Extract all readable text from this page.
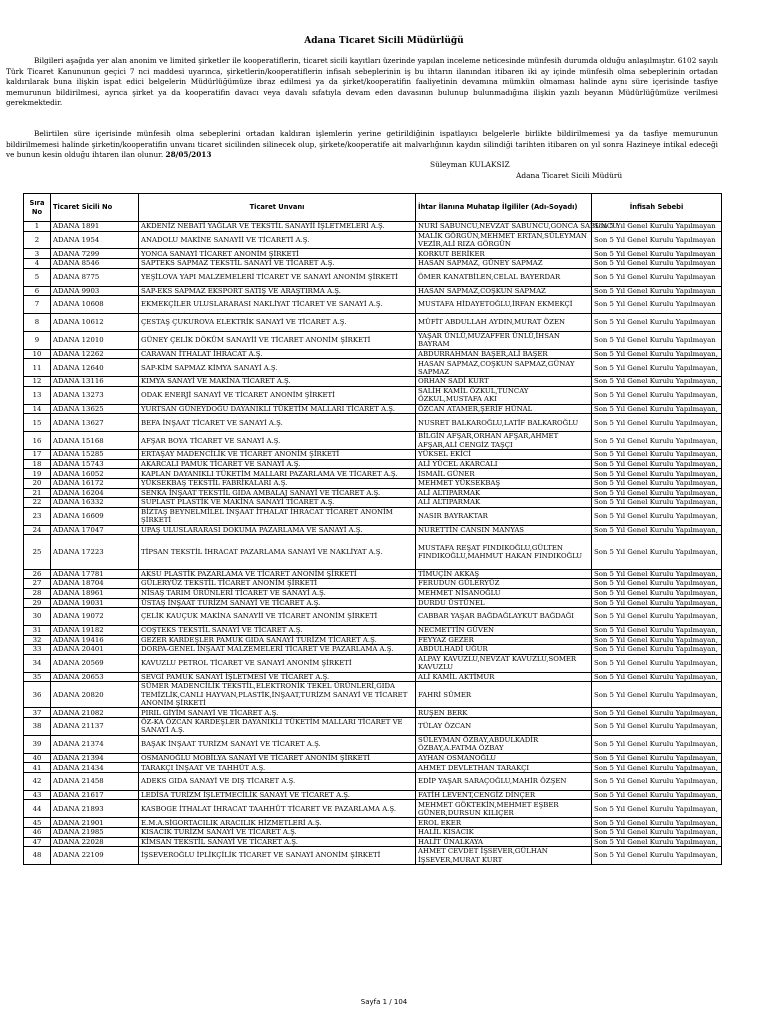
Adana Ticaret Sicili Müdürlüğü
Bilgileri aşağıda yer alan anonim ve limited şirketler ile kooperatiflerin, ticaret sicili kayıtları üzerinde yapılan inceleme neticesinde münfesih durumda olduğu anlaşılmıştır. 6102 sayılı Türk Ticaret Kanununun geçici 7 nci maddesi uyarınca, şirketlerin/kooperatiflerin infisah sebeplerinin iş bu ihtarın ilanından itibaren iki ay içinde münfesih olma sebeplerinin ortadan kaldırılarak buna ilişkin ispat edici belgelerin Müdürlüğümüze ibraz edilmesi ya da şirket/kooperatifin faaliyetinin devamına mümkün olmaması halinde aynı süre içerisinde tasfiye memurunun bildirilmesi, ayrıca şirket ya da kooperatifin davacı veya davalı sıfatıyla devam eden davasının bulunup bulunmadığına ilişkin yazılı beyanın Müdürlüğümüze verilmesi gerekmektedir.
Belirtilen süre içerisinde münfesih olma sebeplerini ortadan kaldıran işlemlerin yerine getirildiğinin ispatlayıcı belgelerle birlikte bildirilmemesi ya da tasfiye memurunun bildirilmemesi halinde şirketin/kooperatifin unvanı ticaret sicilinden silinecek olup, şirkete/kooperatife ait malvarlığının kaydın silindiği tarihten itibaren on yıl sonra Hazineye intikal edeceği ve bunun kesin olduğu ihtaren ilan olunur. 28/05/2013
Süleyman KULAKSIZ
Adana Ticaret Sicili Müdürü
Sıra No	Ticaret Sicili No	Ticaret Unvanı	İhtar İlanına Muhatap İlgililer (Adı-Soyadı)	İnfisah Sebebi
1	ADANA 1891	AKDENİZ NEBATİ YAĞLAR VE TEKSTİL SANAYİİ İŞLETMELERİ A.Ş.	NURİ SABUNCU,NEVZAT SABUNCU,GONCA SABUNCU	Son 5 Yıl Genel Kurulu Yapılmayan
2	ADANA 1954	ANADOLU MAKİNE SANAYİİ VE TİCARETİ A.Ş.	MALİK GÖRGÜN,MEHMET ERTAN,SÜLEYMAN VEZİR,ALİ RIZA GÖRGÜN	Son 5 Yıl Genel Kurulu Yapılmayan
3	ADANA 7299	YONCA SANAYİ TİCARET ANONİM ŞİRKETİ	KORKUT BERİKER	Son 5 Yıl Genel Kurulu Yapılmayan
4	ADANA 8546	SAPTEKS SAPMAZ TEKSTİL SANAYİ VE TİCARET A.Ş.	HASAN SAPMAZ, GÜNEY SAPMAZ	Son 5 Yıl Genel Kurulu Yapılmayan
5	ADANA 8775	YEŞİLOVA YAPI MALZEMELERİ TİCARET VE SANAYİ ANONİM ŞİRKETİ	ÖMER KANATBİLEN,CELAL BAYERDAR	Son 5 Yıl Genel Kurulu Yapılmayan
6	ADANA 9903	SAP-EKS SAPMAZ EKSPORT SATIŞ VE ARAŞTIRMA A.Ş.	HASAN SAPMAZ,COŞKUN SAPMAZ	Son 5 Yıl Genel Kurulu Yapılmayan
7	ADANA 10608	EKMEKÇİLER ULUSLARARASI NAKLİYAT TİCARET VE SANAYİ A.Ş.	MUSTAFA HİDAYETOĞLU,İRFAN EKMEKÇİ	Son 5 Yıl Genel Kurulu Yapılmayan
8	ADANA 10612	ÇESTAŞ ÇUKUROVA ELEKTRİK SANAYİ VE TİCARET A.Ş.	MÜFİT ABDULLAH AYDIN,MURAT ÖZEN	Son 5 Yıl Genel Kurulu Yapılmayan
9	ADANA 12010	GÜNEY ÇELİK DÖKÜM SANAYİİ VE TİCARET ANONİM ŞİRKETİ	YAŞAR ÜNLÜ,MUZAFFER ÜNLÜ,İHSAN BAYRAM	Son 5 Yıl Genel Kurulu Yapılmayan
10	ADANA 12262	CARAVAN İTHALAT İHRACAT A.Ş.	ABDURRAHMAN BAŞER,ALİ BAŞER	Son 5 Yıl Genel Kurulu Yapılmayan,
11	ADANA 12640	SAP-KİM SAPMAZ KİMYA SANAYİ A.Ş.	HASAN SAPMAZ,COŞKUN SAPMAZ,GÜNAY SAPMAZ	Son 5 Yıl Genel Kurulu Yapılmayan,
12	ADANA 13116	KIMYA SANAYİ VE MAKİNA TİCARET A.Ş.	ORHAN SADİ KURT	Son 5 Yıl Genel Kurulu Yapılmayan,
13	ADANA 13273	ODAK ENERJİ SANAYİ VE TİCARET ANONİM ŞİRKETİ	SALİH KAMİL ÖZKUL,TUNCAY ÖZKUL,MUSTAFA AKI	Son 5 Yıl Genel Kurulu Yapılmayan,
14	ADANA 13625	YURTSAN GÜNEYDOĞU DAYANIKLI TÜKETİM MALLARI TİCARET A.Ş.	ÖZCAN ATAMER,ŞERİF HÜNAL	Son 5 Yıl Genel Kurulu Yapılmayan,
15	ADANA 13627	BEFA İNŞAAT TİCARET VE SANAYİ A.Ş.	NUSRET BALKAROĞLU,LATİF BALKAROĞLU	Son 5 Yıl Genel Kurulu Yapılmayan,
16	ADANA 15168	AFŞAR BOYA TİCARET VE SANAYİ A.Ş.	BİLGİN AFŞAR,ORHAN AFŞAR,AHMET AFŞAR,ALİ CENGİZ TAŞÇI	Son 5 Yıl Genel Kurulu Yapılmayan,
17	ADANA 15285	ERTAŞAY MADENCİLİK VE TİCARET ANONİM ŞİRKETİ	YÜKSEL EKİCİ	Son 5 Yıl Genel Kurulu Yapılmayan,
18	ADANA 15743	AKARCALI PAMUK TİCARET VE SANAYİ A.Ş.	ALİ YÜCEL AKARCALI	Son 5 Yıl Genel Kurulu Yapılmayan,
19	ADANA 16052	KAPLAN DAYANIKLI TÜKETİM MALLARI PAZARLAMA VE TİCARET A.Ş.	İSMAİL GÜNER	Son 5 Yıl Genel Kurulu Yapılmayan,
20	ADANA 16172	YÜKSEKBAŞ TEKSTİL FABRİKALARI A.Ş.	MEHMET YÜKSEKBAŞ	Son 5 Yıl Genel Kurulu Yapılmayan,
21	ADANA 16204	SENKA İNŞAAT TEKSTİL GIDA AMBALAJ SANAYİ VE TİCARET A.Ş.	ALİ ALTIPARMAK	Son 5 Yıl Genel Kurulu Yapılmayan,
22	ADANA 16332	SUPLAST PLASTİK VE MAKİNA SANAYİ TİCARET A.Ş.	ALİ ALTIPARMAK	Son 5 Yıl Genel Kurulu Yapılmayan,
23	ADANA 16609	BİZTAŞ BEYNELMİLEL İNŞAAT İTHALAT İHRACAT TİCARET ANONİM ŞİRKETİ	NASIR BAYRAKTAR	Son 5 Yıl Genel Kurulu Yapılmayan,
24	ADANA 17047	UPAŞ ULUSLARARASI DOKUMA PAZARLAMA VE SANAYİ A.Ş.	NURETTİN CANSIN MANYAS	Son 5 Yıl Genel Kurulu Yapılmayan,
25	ADANA 17223	TİPSAN TEKSTİL İHRACAT PAZARLAMA SANAYİ VE NAKLİYAT A.Ş.	MUSTAFA REŞAT FINDIKOĞLU,GÜLTEN FINDIKOĞLU,MAHMUT HAKAN FINDIKOĞLU	Son 5 Yıl Genel Kurulu Yapılmayan,
26	ADANA 17781	AKSU PLASTİK PAZARLAMA VE TİCARET ANONİM ŞİRKETİ	TİMUÇİN AKKAŞ	Son 5 Yıl Genel Kurulu Yapılmayan,
27	ADANA 18704	GÜLERYÜZ TEKSTİL TİCARET ANONİM ŞİRKETİ	FERUDUN GÜLERYÜZ	Son 5 Yıl Genel Kurulu Yapılmayan,
28	ADANA 18961	NİSAŞ TARIM ÜRÜNLERİ TİCARET VE SANAYİ A.Ş.	MEHMET NİSANOĞLU	Son 5 Yıl Genel Kurulu Yapılmayan,
29	ADANA 19031	ÜSTAŞ İNŞAAT TURİZM SANAYİ VE TİCARET A.Ş.	DURDU ÜSTÜNEL	Son 5 Yıl Genel Kurulu Yapılmayan,
30	ADANA 19072	ÇELİK KAUÇUK MAKİNA SANAYİİ VE TİCARET ANONİM ŞİRKETİ	CABBAR YAŞAR BAĞDAĞLAYKUT BAĞDAĞI	Son 5 Yıl Genel Kurulu Yapılmayan,
31	ADANA 19182	COŞTEKS TEKSTİL SANAYİ VE TİCARET A.Ş.	NECMETTİN GÜVEN	Son 5 Yıl Genel Kurulu Yapılmayan,
32	ADANA 19416	GEZER KARDEŞLER PAMUK GIDA SANAYİ TURİZM TİCARET A.Ş.	FEYYAZ GEZER	Son 5 Yıl Genel Kurulu Yapılmayan,
33	ADANA 20401	DORPA-GENEL İNŞAAT MALZEMELERİ TİCARET VE PAZARLAMA A.Ş.	ABDULHADİ UĞUR	Son 5 Yıl Genel Kurulu Yapılmayan,
34	ADANA 20569	KAVUZLU PETROL TİCARET VE SANAYİ ANONİM ŞİRKETİ	ALPAY KAVUZLU,NEVZAT KAVUZLU,SOMER KAVUZLU	Son 5 Yıl Genel Kurulu Yapılmayan,
35	ADANA 20653	SEVGİ PAMUK SANAYİ İŞLETMESİ VE TİCARET A.Ş.	ALİ KAMİL AKTİMUR	Son 5 Yıl Genel Kurulu Yapılmayan,
36	ADANA 20820	SÜMER MADENCİLİK TEKSTİL,ELEKTRONİK TEKEL ÜRÜNLERİ,GIDA TEMİZLİK,CANLI HAYVAN,PLASTİK,İNŞAAT,TURİZM SANAYİ VE TİCARET ANONİM ŞİRKETİ	FAHRİ SÜMER	Son 5 Yıl Genel Kurulu Yapılmayan,
37	ADANA 21082	PIRIL GİYİM SANAYİ VE TİCARET A.Ş.	RUŞEN BERK	Son 5 Yıl Genel Kurulu Yapılmayan,
38	ADANA 21137	ÖZ-KA ÖZCAN KARDEŞLER DAYANIKLI TÜKETİM MALLARI TİCARET VE SANAYİ A.Ş.	TÜLAY ÖZCAN	Son 5 Yıl Genel Kurulu Yapılmayan,
39	ADANA 21374	BAŞAK İNŞAAT TURİZM SANAYİ VE TİCARET A.Ş.	SÜLEYMAN ÖZBAY,ABDULKADİR ÖZBAY,A.FATMA ÖZBAY	Son 5 Yıl Genel Kurulu Yapılmayan,
40	ADANA 21394	OSMANOĞLU MOBİLYA SANAYİ VE TİCARET ANONİM ŞİRKETİ	AYHAN OSMANOĞLU	Son 5 Yıl Genel Kurulu Yapılmayan,
41	ADANA 21434	TARAKÇI İNŞAAT VE TAHHÜT A.Ş.	AHMET DEVLETHAN TARAKÇI	Son 5 Yıl Genel Kurulu Yapılmayan,
42	ADANA 21458	ADEKS GIDA SANAYİ VE DIŞ TİCARET A.Ş.	EDİP YAŞAR SARAÇOĞLU,MAHİR ÖZŞEN	Son 5 Yıl Genel Kurulu Yapılmayan,
43	ADANA 21617	LEDİSA TURİZM İŞLETMECİLİK SANAYİ VE TİCARET A.Ş.	FATİH LEVENT,CENGİZ DİNÇER	Son 5 Yıl Genel Kurulu Yapılmayan,
44	ADANA 21893	KASBOGE İTHALAT İHRACAT TAAHHÜT TİCARET VE PAZARLAMA A.Ş.	MEHMET GÖKTEKİN,MEHMET EŞBER GÜNER,DURSUN KILIÇER	Son 5 Yıl Genel Kurulu Yapılmayan,
45	ADANA 21901	E.M.A.SİGORTACILIK ARACILIK HİZMETLERİ A.Ş.	EROL EKER	Son 5 Yıl Genel Kurulu Yapılmayan,
46	ADANA 21985	KISACIK TURİZM SANAYİ VE TİCARET A.Ş.	HALİL KISACIK	Son 5 Yıl Genel Kurulu Yapılmayan,
47	ADANA 22028	KİMSAN TEKSTİL SANAYİ VE TİCARET A.Ş.	HALİT ÜNALKAYA	Son 5 Yıl Genel Kurulu Yapılmayan,
48	ADANA 22109	İŞSEVEROĞLU İPLİKÇİLİK TİCARET VE SANAYİ ANONİM ŞİRKETİ	AHMET CEVDET İŞSEVER,GÜLHAN İŞSEVER,MURAT KURT	Son 5 Yıl Genel Kurulu Yapılmayan,
Sayfa 1 / 104
